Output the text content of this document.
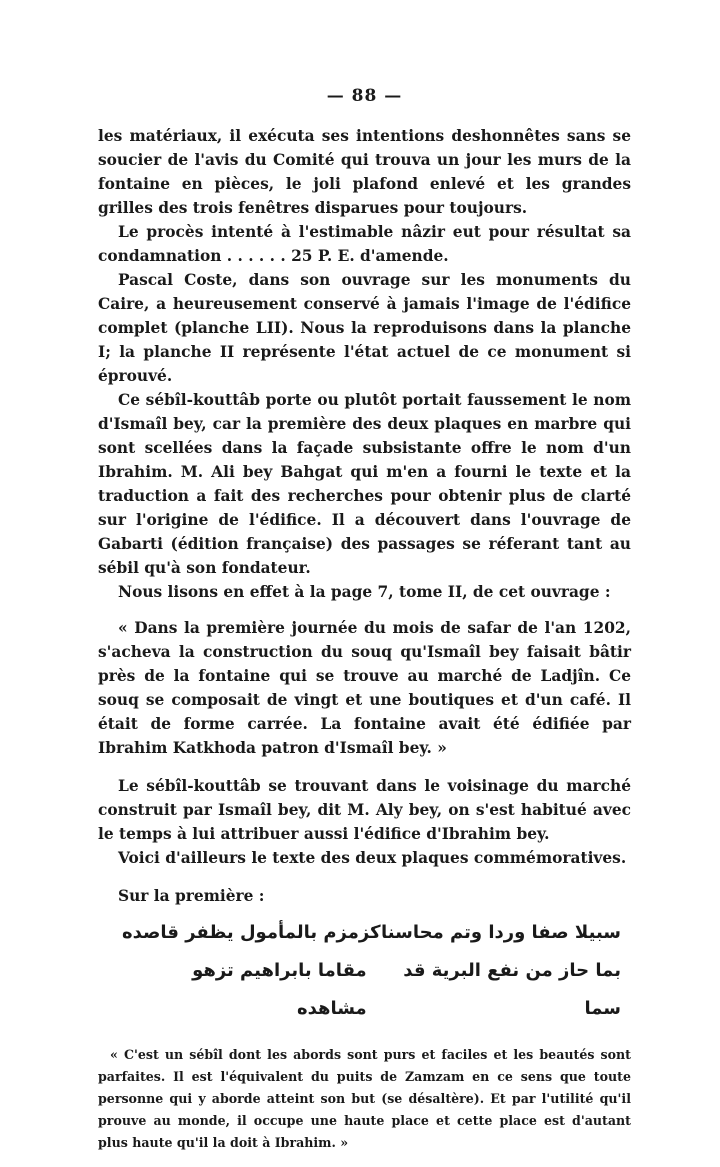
— 88 —

les matériaux, il exécuta ses intentions deshonnêtes sans se soucier de l'avis du Comité qui trouva un jour les murs de la fontaine en pièces, le joli plafond enlevé et les grandes grilles des trois fenêtres disparues pour toujours.

Le procès intenté à l'estimable nâzir eut pour résultat sa condamnation . . . . . . 25 P. E. d'amende.

Pascal Coste, dans son ouvrage sur les monuments du Caire, a heureusement conservé à jamais l'image de l'édifice complet (planche LII). Nous la reproduisons dans la planche I; la planche II représente l'état actuel de ce monument si éprouvé.

Ce sébîl-kouttâb porte ou plutôt portait faussement le nom d'Ismaîl bey, car la première des deux plaques en marbre qui sont scellées dans la façade subsistante offre le nom d'un Ibrahim. M. Ali bey Bahgat qui m'en a fourni le texte et la traduction a fait des recherches pour obtenir plus de clarté sur l'origine de l'édifice. Il a découvert dans l'ouvrage de Gabarti (édition française) des passages se réferant tant au sébil qu'à son fondateur.

Nous lisons en effet à la page 7, tome II, de cet ouvrage :

« Dans la première journée du mois de safar de l'an 1202, s'acheva la construction du souq qu'Ismaîl bey faisait bâtir près de la fontaine qui se trouve au marché de Ladjîn. Ce souq se composait de vingt et une boutiques et d'un café. Il était de forme carrée. La fontaine avait été édifiée par Ibrahim Katkhoda patron d'Ismaîl bey. »

Le sébîl-kouttâb se trouvant dans le voisinage du marché construit par Ismaîl bey, dit M. Aly bey, on s'est habitué avec le temps à lui attribuer aussi l'édifice d'Ibrahim bey.

Voici d'ailleurs le texte des deux plaques commémoratives.

Sur la première :

سبيلا صفا وردا وتم محاسنا
كزمزم بالمأمول يظفر قاصده
بما حاز من نفع البرية قد سما
مقاما بابراهيم تزهو مشاهده

« C'est un sébîl dont les abords sont purs et faciles et les beautés sont parfaites. Il est l'équivalent du puits de Zamzam en ce sens que toute personne qui y aborde atteint son but (se désaltère). Et par l'utilité qu'il prouve au monde, il occupe une haute place et cette place est d'autant plus haute qu'il la doit à Ibrahim. »
